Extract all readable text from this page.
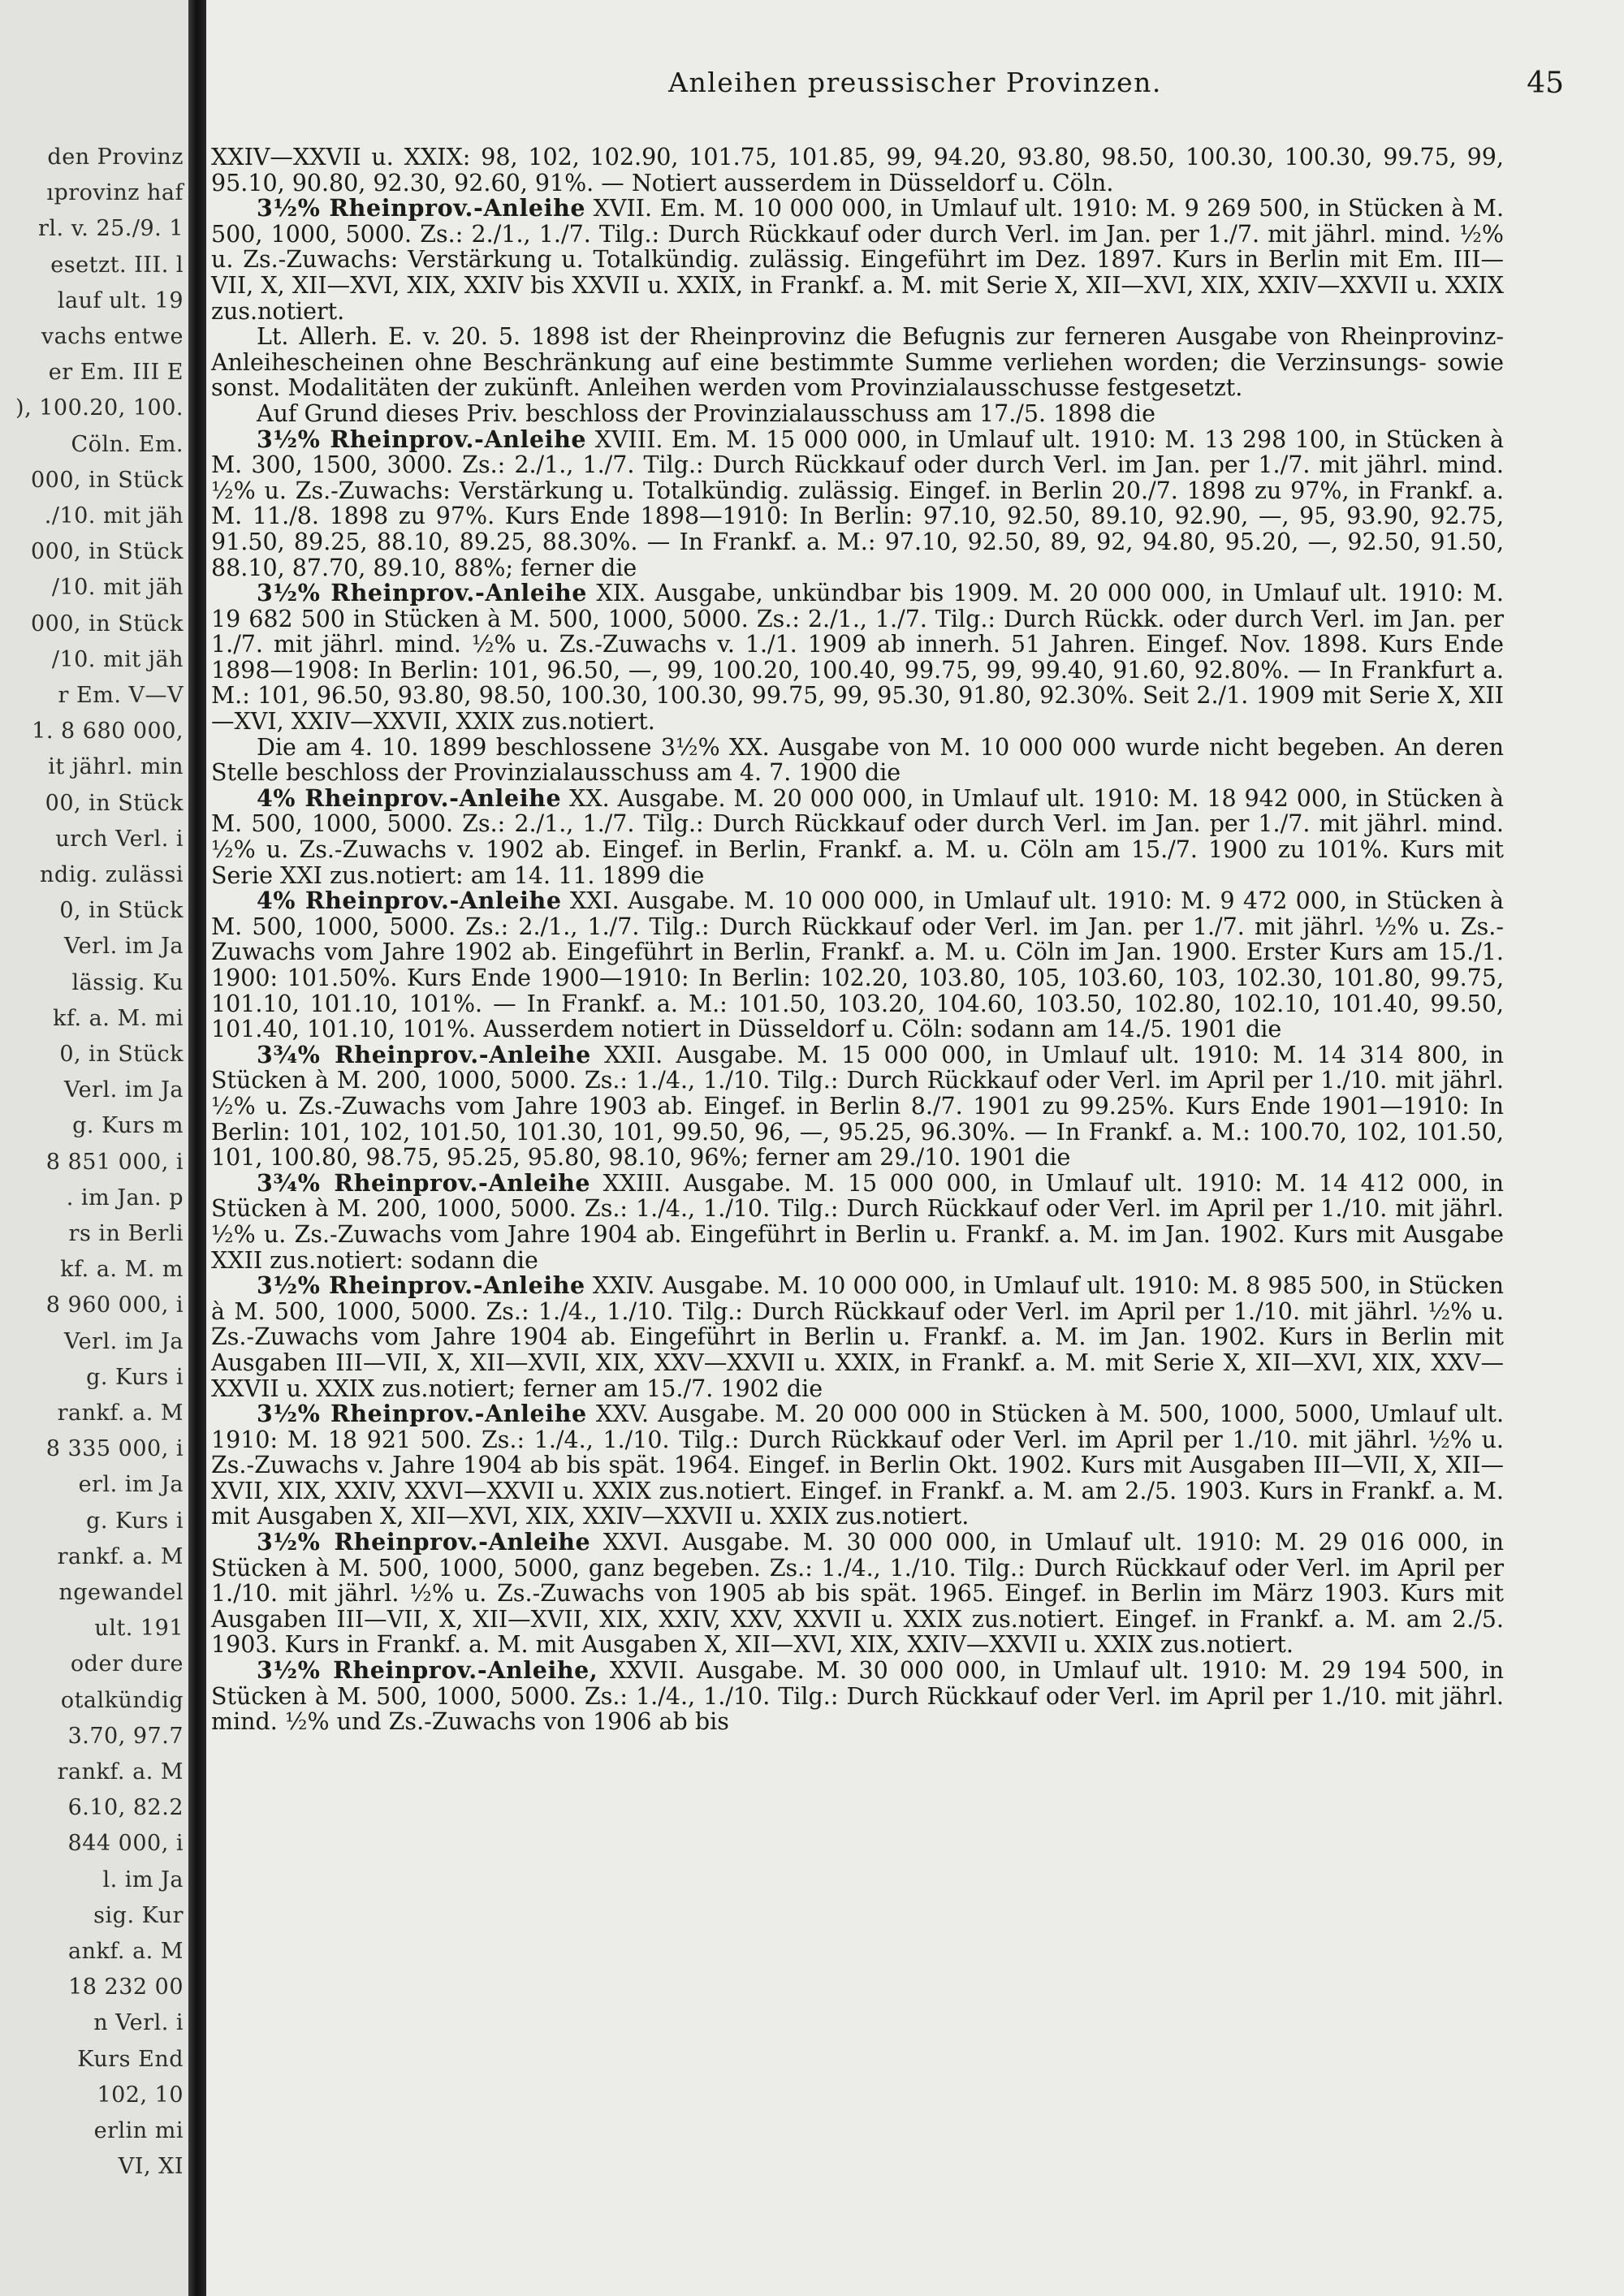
den Provinz
ıprovinz haf
rl. v. 25./9. 1
esetzt. III. l
lauf ult. 19
vachs entwe
er Em. III E
), 100.20, 100.
Cöln. Em.
000, in Stück
./10. mit jäh
000, in Stück
/10. mit jäh
000, in Stück
/10. mit jäh
r Em. V—V
1. 8 680 000,
it jährl. min
00, in Stück
urch Verl. i
ndig. zulässi
0, in Stück
Verl. im Ja
lässig. Ku
kf. a. M. mi
0, in Stück
Verl. im Ja
g. Kurs m
8 851 000, i
. im Jan. p
rs in Berli
kf. a. M. m
8 960 000, i
Verl. im Ja
g. Kurs i
rankf. a. M
8 335 000, i
erl. im Ja
g. Kurs i
rankf. a. M
ngewandel
ult. 191
oder dure
otalkündig
3.70, 97.7
rankf. a. M
6.10, 82.2
844 000, i
l. im Ja
sig. Kur
ankf. a. M
18 232 00
n Verl. i
Kurs End
102, 10
erlin mi
VI, XI
Anleihen preussischer Provinzen.	45

XXIV—XXVII u. XXIX: 98, 102, 102.90, 101.75, 101.85, 99, 94.20, 93.80, 98.50, 100.30, 100.30, 99.75, 99, 95.10, 90.80, 92.30, 92.60, 91%. — Notiert ausserdem in Düsseldorf u. Cöln.

3½% Rheinprov.-Anleihe XVII. Em. M. 10 000 000, in Umlauf ult. 1910: M. 9 269 500, in Stücken à M. 500, 1000, 5000. Zs.: 2./1., 1./7. Tilg.: Durch Rückkauf oder durch Verl. im Jan. per 1./7. mit jährl. mind. ½% u. Zs.-Zuwachs: Verstärkung u. Totalkündig. zulässig. Eingeführt im Dez. 1897. Kurs in Berlin mit Em. III—VII, X, XII—XVI, XIX, XXIV bis XXVII u. XXIX, in Frankf. a. M. mit Serie X, XII—XVI, XIX, XXIV—XXVII u. XXIX zus.notiert.

Lt. Allerh. E. v. 20. 5. 1898 ist der Rheinprovinz die Befugnis zur ferneren Ausgabe von Rheinprovinz-Anleihescheinen ohne Beschränkung auf eine bestimmte Summe verliehen worden; die Verzinsungs- sowie sonst. Modalitäten der zukünft. Anleihen werden vom Provinzialausschusse festgesetzt.

Auf Grund dieses Priv. beschloss der Provinzialausschuss am 17./5. 1898 die

3½% Rheinprov.-Anleihe XVIII. Em. M. 15 000 000, in Umlauf ult. 1910: M. 13 298 100, in Stücken à M. 300, 1500, 3000. Zs.: 2./1., 1./7. Tilg.: Durch Rückkauf oder durch Verl. im Jan. per 1./7. mit jährl. mind. ½% u. Zs.-Zuwachs: Verstärkung u. Totalkündig. zulässig. Eingef. in Berlin 20./7. 1898 zu 97%, in Frankf. a. M. 11./8. 1898 zu 97%. Kurs Ende 1898—1910: In Berlin: 97.10, 92.50, 89.10, 92.90, —, 95, 93.90, 92.75, 91.50, 89.25, 88.10, 89.25, 88.30%. — In Frankf. a. M.: 97.10, 92.50, 89, 92, 94.80, 95.20, —, 92.50, 91.50, 88.10, 87.70, 89.10, 88%; ferner die

3½% Rheinprov.-Anleihe XIX. Ausgabe, unkündbar bis 1909. M. 20 000 000, in Umlauf ult. 1910: M. 19 682 500 in Stücken à M. 500, 1000, 5000. Zs.: 2./1., 1./7. Tilg.: Durch Rückk. oder durch Verl. im Jan. per 1./7. mit jährl. mind. ½% u. Zs.-Zuwachs v. 1./1. 1909 ab innerh. 51 Jahren. Eingef. Nov. 1898. Kurs Ende 1898—1908: In Berlin: 101, 96.50, —, 99, 100.20, 100.40, 99.75, 99, 99.40, 91.60, 92.80%. — In Frankfurt a. M.: 101, 96.50, 93.80, 98.50, 100.30, 100.30, 99.75, 99, 95.30, 91.80, 92.30%. Seit 2./1. 1909 mit Serie X, XII—XVI, XXIV—XXVII, XXIX zus.notiert.

Die am 4. 10. 1899 beschlossene 3½% XX. Ausgabe von M. 10 000 000 wurde nicht begeben. An deren Stelle beschloss der Provinzialausschuss am 4. 7. 1900 die

4% Rheinprov.-Anleihe XX. Ausgabe. M. 20 000 000, in Umlauf ult. 1910: M. 18 942 000, in Stücken à M. 500, 1000, 5000. Zs.: 2./1., 1./7. Tilg.: Durch Rückkauf oder durch Verl. im Jan. per 1./7. mit jährl. mind. ½% u. Zs.-Zuwachs v. 1902 ab. Eingef. in Berlin, Frankf. a. M. u. Cöln am 15./7. 1900 zu 101%. Kurs mit Serie XXI zus.notiert: am 14. 11. 1899 die

4% Rheinprov.-Anleihe XXI. Ausgabe. M. 10 000 000, in Umlauf ult. 1910: M. 9 472 000, in Stücken à M. 500, 1000, 5000. Zs.: 2./1., 1./7. Tilg.: Durch Rückkauf oder Verl. im Jan. per 1./7. mit jährl. ½% u. Zs.-Zuwachs vom Jahre 1902 ab. Eingeführt in Berlin, Frankf. a. M. u. Cöln im Jan. 1900. Erster Kurs am 15./1. 1900: 101.50%. Kurs Ende 1900—1910: In Berlin: 102.20, 103.80, 105, 103.60, 103, 102.30, 101.80, 99.75, 101.10, 101.10, 101%. — In Frankf. a. M.: 101.50, 103.20, 104.60, 103.50, 102.80, 102.10, 101.40, 99.50, 101.40, 101.10, 101%. Ausserdem notiert in Düsseldorf u. Cöln: sodann am 14./5. 1901 die

3¾% Rheinprov.-Anleihe XXII. Ausgabe. M. 15 000 000, in Umlauf ult. 1910: M. 14 314 800, in Stücken à M. 200, 1000, 5000. Zs.: 1./4., 1./10. Tilg.: Durch Rückkauf oder Verl. im April per 1./10. mit jährl. ½% u. Zs.-Zuwachs vom Jahre 1903 ab. Eingef. in Berlin 8./7. 1901 zu 99.25%. Kurs Ende 1901—1910: In Berlin: 101, 102, 101.50, 101.30, 101, 99.50, 96, —, 95.25, 96.30%. — In Frankf. a. M.: 100.70, 102, 101.50, 101, 100.80, 98.75, 95.25, 95.80, 98.10, 96%; ferner am 29./10. 1901 die

3¾% Rheinprov.-Anleihe XXIII. Ausgabe. M. 15 000 000, in Umlauf ult. 1910: M. 14 412 000, in Stücken à M. 200, 1000, 5000. Zs.: 1./4., 1./10. Tilg.: Durch Rückkauf oder Verl. im April per 1./10. mit jährl. ½% u. Zs.-Zuwachs vom Jahre 1904 ab. Eingeführt in Berlin u. Frankf. a. M. im Jan. 1902. Kurs mit Ausgabe XXII zus.notiert: sodann die

3½% Rheinprov.-Anleihe XXIV. Ausgabe. M. 10 000 000, in Umlauf ult. 1910: M. 8 985 500, in Stücken à M. 500, 1000, 5000. Zs.: 1./4., 1./10. Tilg.: Durch Rückkauf oder Verl. im April per 1./10. mit jährl. ½% u. Zs.-Zuwachs vom Jahre 1904 ab. Eingeführt in Berlin u. Frankf. a. M. im Jan. 1902. Kurs in Berlin mit Ausgaben III—VII, X, XII—XVII, XIX, XXV—XXVII u. XXIX, in Frankf. a. M. mit Serie X, XII—XVI, XIX, XXV—XXVII u. XXIX zus.notiert; ferner am 15./7. 1902 die

3½% Rheinprov.-Anleihe XXV. Ausgabe. M. 20 000 000 in Stücken à M. 500, 1000, 5000, Umlauf ult. 1910: M. 18 921 500. Zs.: 1./4., 1./10. Tilg.: Durch Rückkauf oder Verl. im April per 1./10. mit jährl. ½% u. Zs.-Zuwachs v. Jahre 1904 ab bis spät. 1964. Eingef. in Berlin Okt. 1902. Kurs mit Ausgaben III—VII, X, XII—XVII, XIX, XXIV, XXVI—XXVII u. XXIX zus.notiert. Eingef. in Frankf. a. M. am 2./5. 1903. Kurs in Frankf. a. M. mit Ausgaben X, XII—XVI, XIX, XXIV—XXVII u. XXIX zus.notiert.

3½% Rheinprov.-Anleihe XXVI. Ausgabe. M. 30 000 000, in Umlauf ult. 1910: M. 29 016 000, in Stücken à M. 500, 1000, 5000, ganz begeben. Zs.: 1./4., 1./10. Tilg.: Durch Rückkauf oder Verl. im April per 1./10. mit jährl. ½% u. Zs.-Zuwachs von 1905 ab bis spät. 1965. Eingef. in Berlin im März 1903. Kurs mit Ausgaben III—VII, X, XII—XVII, XIX, XXIV, XXV, XXVII u. XXIX zus.notiert. Eingef. in Frankf. a. M. am 2./5. 1903. Kurs in Frankf. a. M. mit Ausgaben X, XII—XVI, XIX, XXIV—XXVII u. XXIX zus.notiert.

3½% Rheinprov.-Anleihe, XXVII. Ausgabe. M. 30 000 000, in Umlauf ult. 1910: M. 29 194 500, in Stücken à M. 500, 1000, 5000. Zs.: 1./4., 1./10. Tilg.: Durch Rückkauf oder Verl. im April per 1./10. mit jährl. mind. ½% und Zs.-Zuwachs von 1906 ab bis
